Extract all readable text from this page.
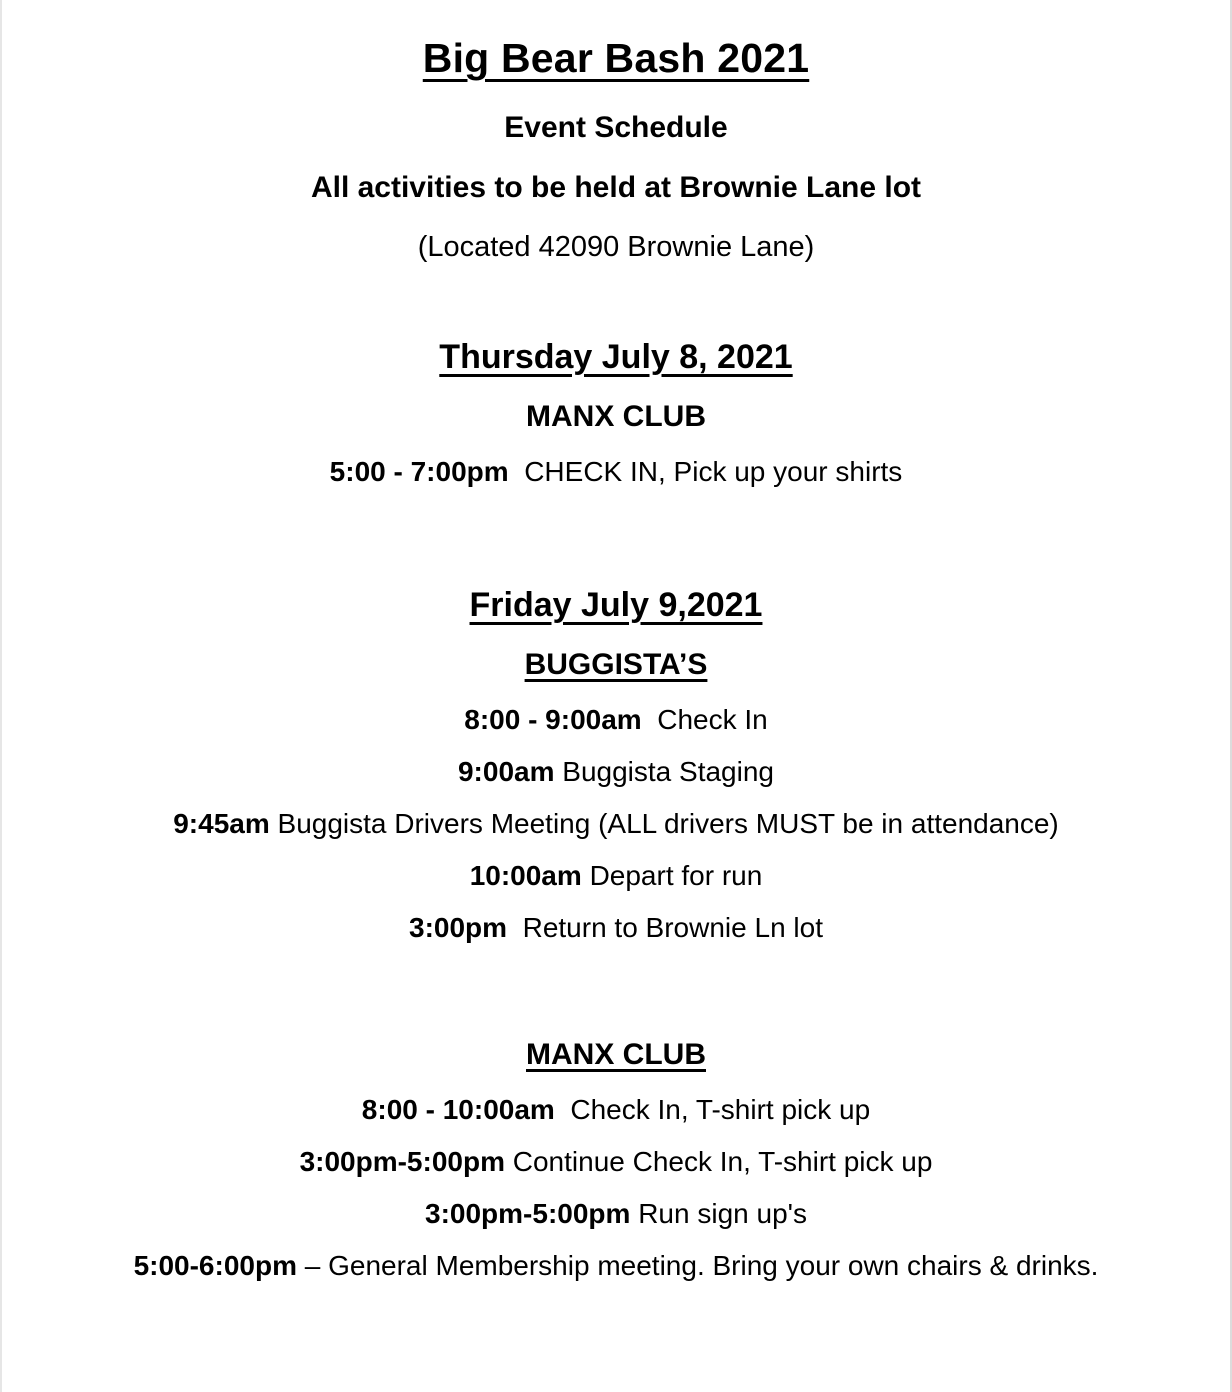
Big Bear Bash 2021
Event Schedule
All activities to be held at Brownie Lane lot
(Located 42090 Brownie Lane)
Thursday July 8, 2021
MANX CLUB
5:00 - 7:00pm CHECK IN, Pick up your shirts
Friday July 9,2021
BUGGISTA’S
8:00 - 9:00am Check In
9:00am Buggista Staging
9:45am Buggista Drivers Meeting (ALL drivers MUST be in attendance)
10:00am Depart for run
3:00pm Return to Brownie Ln lot
MANX CLUB
8:00 - 10:00am Check In, T-shirt pick up
3:00pm-5:00pm Continue Check In, T-shirt pick up
3:00pm-5:00pm Run sign up's
5:00-6:00pm – General Membership meeting. Bring your own chairs & drinks.
